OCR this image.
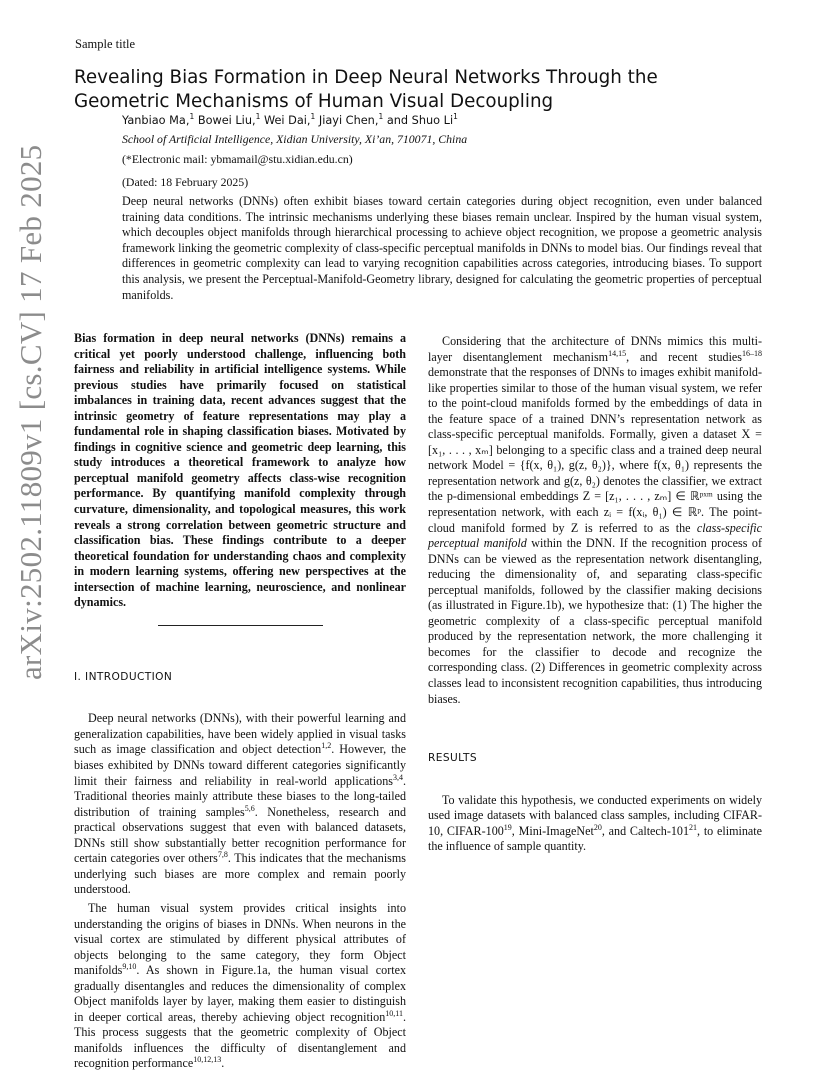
Sample title
arXiv:2502.11809v1 [cs.CV] 17 Feb 2025
Revealing Bias Formation in Deep Neural Networks Through the Geometric Mechanisms of Human Visual Decoupling
Yanbiao Ma,$^1$ Bowei Liu,$^1$ Wei Dai,$^1$ Jiayi Chen,$^1$ and Shuo Li$^1$
School of Artificial Intelligence, Xidian University, Xi’an, 710071, China
(*Electronic mail: ybmamail@stu.xidian.edu.cn)
(Dated: 18 February 2025)
Deep neural networks (DNNs) often exhibit biases toward certain categories during object recognition, even under balanced training data conditions. The intrinsic mechanisms underlying these biases remain unclear. Inspired by the human visual system, which decouples object manifolds through hierarchical processing to achieve object recognition, we propose a geometric analysis framework linking the geometric complexity of class-specific perceptual manifolds in DNNs to model bias. Our findings reveal that differences in geometric complexity can lead to varying recognition capabilities across categories, introducing biases. To support this analysis, we present the Perceptual-Manifold-Geometry library, designed for calculating the geometric properties of perceptual manifolds.

Bias formation in deep neural networks (DNNs) remains a critical yet poorly understood challenge, influencing both fairness and reliability in artificial intelligence systems. While previous studies have primarily focused on statistical imbalances in training data, recent advances suggest that the intrinsic geometry of feature representations may play a fundamental role in shaping classification biases. Motivated by findings in cognitive science and geometric deep learning, this study introduces a theoretical framework to analyze how perceptual manifold geometry affects class-wise recognition performance. By quantifying manifold complexity through curvature, dimensionality, and topological measures, this work reveals a strong correlation between geometric structure and classification bias. These findings contribute to a deeper theoretical foundation for understanding chaos and complexity in modern learning systems, offering new perspectives at the intersection of machine learning, neuroscience, and nonlinear dynamics.

I. INTRODUCTION

Deep neural networks (DNNs), with their powerful learning and generalization capabilities, have been widely applied in visual tasks such as image classification and object detection$^{1,2}$. However, the biases exhibited by DNNs toward different categories significantly limit their fairness and reliability in real-world applications$^{3,4}$. Traditional theories mainly attribute these biases to the long-tailed distribution of training samples$^{5,6}$. Nonetheless, research and practical observations suggest that even with balanced datasets, DNNs still show substantially better recognition performance for certain categories over others$^{7,8}$. This indicates that the mechanisms underlying such biases are more complex and remain poorly understood.

The human visual system provides critical insights into understanding the origins of biases in DNNs. When neurons in the visual cortex are stimulated by different physical attributes of objects belonging to the same category, they form Object manifolds$^{9,10}$. As shown in Figure.1a, the human visual cortex gradually disentangles and reduces the dimensionality of complex Object manifolds layer by layer, making them easier to distinguish in deeper cortical areas, thereby achieving object recognition$^{10,11}$. This process suggests that the geometric complexity of Object manifolds influences the difficulty of disentanglement and recognition performance$^{10,12,13}$.

Considering that the architecture of DNNs mimics this multi-layer disentanglement mechanism$^{14,15}$, and recent studies$^{16-18}$ demonstrate that the responses of DNNs to images exhibit manifold-like properties similar to those of the human visual system, we refer to the point-cloud manifolds formed by the embeddings of data in the feature space of a trained DNN’s representation network as class-specific perceptual manifolds. Formally, given a dataset X = [x₁, . . . , xₘ] belonging to a specific class and a trained deep neural network Model = {f(x, θ₁), g(z, θ₂)}, where f(x, θ₁) represents the representation network and g(z, θ₂) denotes the classifier, we extract the p-dimensional embeddings Z = [z₁, . . . , zₘ] ∈ ℝᵖˣᵐ using the representation network, with each zᵢ = f(xᵢ, θ₁) ∈ ℝᵖ. The point-cloud manifold formed by Z is referred to as the class-specific perceptual manifold within the DNN. If the recognition process of DNNs can be viewed as the representation network disentangling, reducing the dimensionality of, and separating class-specific perceptual manifolds, followed by the classifier making decisions (as illustrated in Figure.1b), we hypothesize that: (1) The higher the geometric complexity of a class-specific perceptual manifold produced by the representation network, the more challenging it becomes for the classifier to decode and recognize the corresponding class. (2) Differences in geometric complexity across classes lead to inconsistent recognition capabilities, thus introducing biases.

RESULTS

To validate this hypothesis, we conducted experiments on widely used image datasets with balanced class samples, including CIFAR-10, CIFAR-$100^{19}$, Mini-ImageNet$^{20}$, and Caltech-$101^{21}$, to eliminate the influence of sample quantity.
